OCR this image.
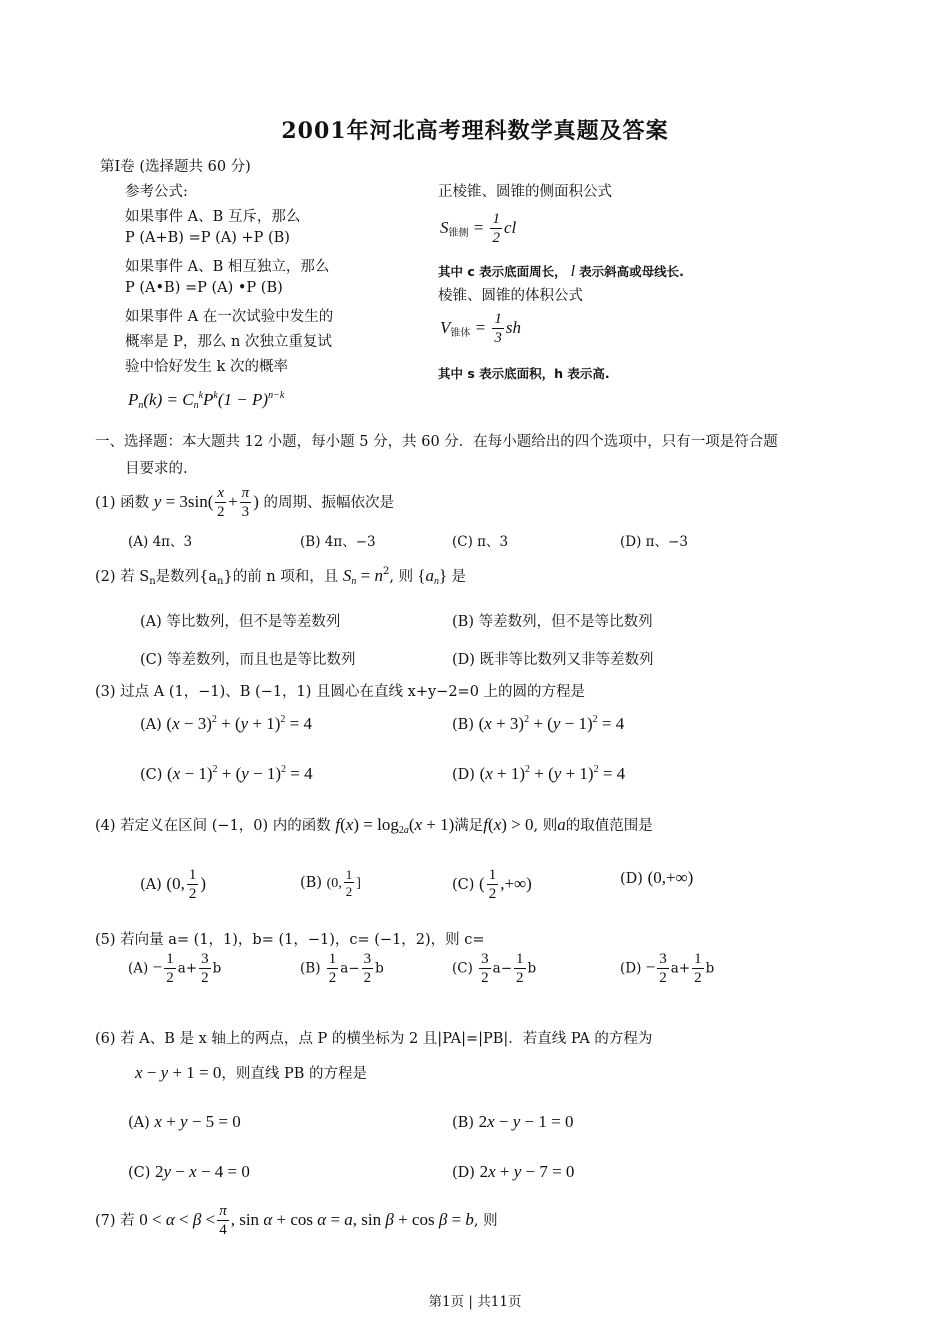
2001年河北高考理科数学真题及答案
第Ⅰ卷 (选择题共 60 分)
参考公式:
如果事件 A、B 互斥，那么
P (A+B) =P (A) +P (B)
如果事件 A、B 相互独立，那么
P (A•B) =P (A) •P (B)
如果事件 A 在一次试验中发生的
概率是 P，那么 n 次独立重复试
验中恰好发生 k 次的概率
$P_n(k) = C_n^kP^k(1 - P)^{n-k}$
正棱锥、圆锥的侧面积公式
$S_{锥侧} = \frac{1}{2}$ cl
其中 c 表示底面周长， l 表示斜高或母线长.
棱锥、圆锥的体积公式
$V_{锥体} = \frac{1}{3}$ sh
其中 s 表示底面积，h 表示高.
一、选择题：本大题共 12 小题，每小题 5 分，共 60 分．在每小题给出的四个选项中，只有一项是符合题
目要求的.
(1) 函数 $y = 3\sin( \frac{x}{2} + \frac{\pi}{3}$ ) 的周期、振幅依次是
(A) 4π、3	(B) 4π、−3	(C) π、3	(D) π、−3
(2) 若 $S_n$是数列$\{a_n\}$的前 n 项和，且 $S_n = n^2$, 则 $\{a_n\}$ 是
(A) 等比数列，但不是等差数列	(B) 等差数列，但不是等比数列
(C) 等差数列，而且也是等比数列	(D) 既非等比数列又非等差数列
(3) 过点 A (1，−1)、B (−1，1) 且圆心在直线 x+y−2=0 上的圆的方程是
(A) $(x - 3)^2 + (y + 1)^2 = 4$	(B) $(x + 3)^2 + (y - 1)^2 = 4$
(C) $(x - 1)^2 + (y - 1)^2 = 4$	(D) $(x + 1)^2 + (y + 1)^2 = 4$
(4) 若定义在区间 (−1，0) 内的函数 $f(x) = \log_{2a}(x + 1)$满足f(x) > 0, 则a的取值范围是
(A) (0, $\frac{1}{2}$ )	(B) (0, $\frac{1}{2}$ ]	(C) ( $\frac{1}{2}$ ,+∞)	(D) (0,+∞)
(5) 若向量 a= (1，1)，b= (1，−1)，c= (−1，2)，则 c=
$(A) - \frac{1}{2} a+ \frac{3}{2}$ b	$(B) \frac{1}{2} a- \frac{3}{2}$ b	$(C) \frac{3}{2} a- \frac{1}{2}$ b	$(D) - \frac{3}{2} a+ \frac{1}{2}$ b
(6) 若 A、B 是 x 轴上的两点，点 P 的横坐标为 2 且|PA|=|PB|．若直线 PA 的方程为
x − y + 1 = 0，则直线 PB 的方程是
(A) x + y − 5 = 0	(B) 2x − y − 1 = 0
(C) 2y − x − 4 = 0	(D) 2x + y − 7 = 0
(7) 若 $0 < \alpha < \beta < \frac{\pi}{4}$ , sin α + cos α = a, sin β + cos β = b, 则
第1页 | 共11页
